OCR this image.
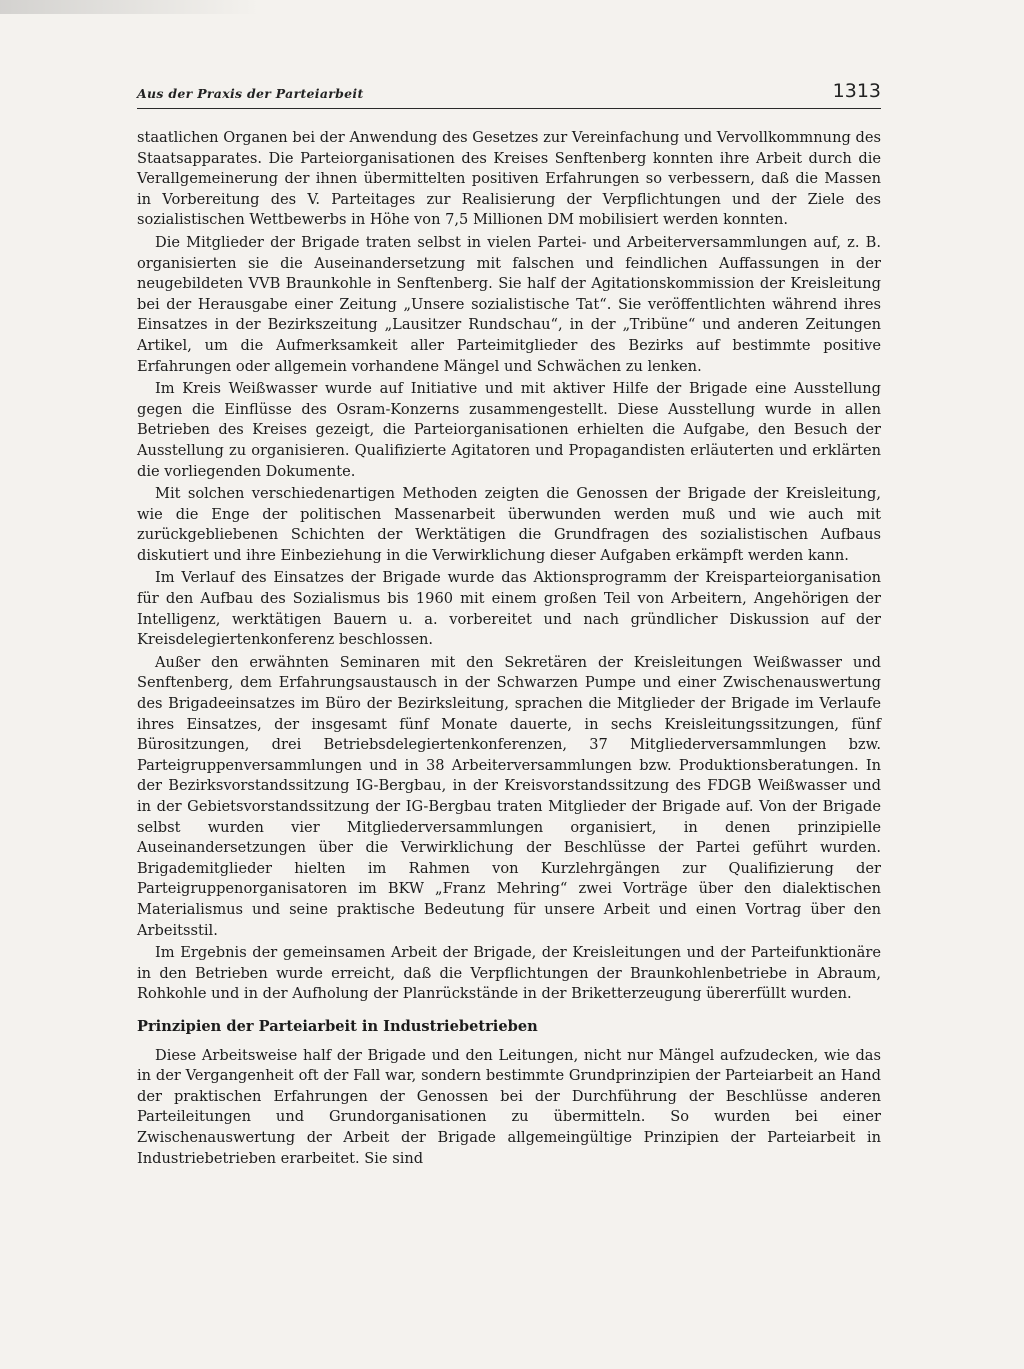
Aus der Praxis der Parteiarbeit	1313

staatlichen Organen bei der Anwendung des Gesetzes zur Vereinfachung und Vervollkommnung des Staatsapparates. Die Parteiorganisationen des Kreises Senftenberg konnten ihre Arbeit durch die Verallgemeinerung der ihnen übermittelten positiven Erfahrungen so verbessern, daß die Massen in Vorbereitung des V. Parteitages zur Realisierung der Verpflichtungen und der Ziele des sozialistischen Wettbewerbs in Höhe von 7,5 Millionen DM mobilisiert werden konnten.

Die Mitglieder der Brigade traten selbst in vielen Partei- und Arbeiterversammlungen auf, z. B. organisierten sie die Auseinandersetzung mit falschen und feindlichen Auffassungen in der neugebildeten VVB Braunkohle in Senftenberg. Sie half der Agitationskommission der Kreisleitung bei der Herausgabe einer Zeitung „Unsere sozialistische Tat“. Sie veröffentlichten während ihres Einsatzes in der Bezirkszeitung „Lausitzer Rundschau“, in der „Tribüne“ und anderen Zeitungen Artikel, um die Aufmerksamkeit aller Parteimitglieder des Bezirks auf bestimmte positive Erfahrungen oder allgemein vorhandene Mängel und Schwächen zu lenken.

Im Kreis Weißwasser wurde auf Initiative und mit aktiver Hilfe der Brigade eine Ausstellung gegen die Einflüsse des Osram-Konzerns zusammengestellt. Diese Ausstellung wurde in allen Betrieben des Kreises gezeigt, die Parteiorganisationen erhielten die Aufgabe, den Besuch der Ausstellung zu organisieren. Qualifizierte Agitatoren und Propagandisten erläuterten und erklärten die vorliegenden Dokumente.

Mit solchen verschiedenartigen Methoden zeigten die Genossen der Brigade der Kreisleitung, wie die Enge der politischen Massenarbeit überwunden werden muß und wie auch mit zurückgebliebenen Schichten der Werktätigen die Grundfragen des sozialistischen Aufbaus diskutiert und ihre Einbeziehung in die Verwirklichung dieser Aufgaben erkämpft werden kann.

Im Verlauf des Einsatzes der Brigade wurde das Aktionsprogramm der Kreisparteiorganisation für den Aufbau des Sozialismus bis 1960 mit einem großen Teil von Arbeitern, Angehörigen der Intelligenz, werktätigen Bauern u. a. vorbereitet und nach gründlicher Diskussion auf der Kreisdelegiertenkonferenz beschlossen.

Außer den erwähnten Seminaren mit den Sekretären der Kreisleitungen Weißwasser und Senftenberg, dem Erfahrungsaustausch in der Schwarzen Pumpe und einer Zwischenauswertung des Brigadeeinsatzes im Büro der Bezirksleitung, sprachen die Mitglieder der Brigade im Verlaufe ihres Einsatzes, der insgesamt fünf Monate dauerte, in sechs Kreisleitungssitzungen, fünf Bürositzungen, drei Betriebsdelegiertenkonferenzen, 37 Mitgliederversammlungen bzw. Parteigruppenversammlungen und in 38 Arbeiterversammlungen bzw. Produktionsberatungen. In der Bezirksvorstandssitzung IG-Bergbau, in der Kreisvorstandssitzung des FDGB Weißwasser und in der Gebietsvorstandssitzung der IG-Bergbau traten Mitglieder der Brigade auf. Von der Brigade selbst wurden vier Mitgliederversammlungen organisiert, in denen prinzipielle Auseinandersetzungen über die Verwirklichung der Beschlüsse der Partei geführt wurden. Brigademitglieder hielten im Rahmen von Kurzlehrgängen zur Qualifizierung der Parteigruppenorganisatoren im BKW „Franz Mehring“ zwei Vorträge über den dialektischen Materialismus und seine praktische Bedeutung für unsere Arbeit und einen Vortrag über den Arbeitsstil.

Im Ergebnis der gemeinsamen Arbeit der Brigade, der Kreisleitungen und der Parteifunktionäre in den Betrieben wurde erreicht, daß die Verpflichtungen der Braunkohlenbetriebe in Abraum, Rohkohle und in der Aufholung der Planrückstände in der Briketterzeugung übererfüllt wurden.

Prinzipien der Parteiarbeit in Industriebetrieben

Diese Arbeitsweise half der Brigade und den Leitungen, nicht nur Mängel aufzudecken, wie das in der Vergangenheit oft der Fall war, sondern bestimmte Grundprinzipien der Parteiarbeit an Hand der praktischen Erfahrungen der Genossen bei der Durchführung der Beschlüsse anderen Parteileitungen und Grundorganisationen zu übermitteln. So wurden bei einer Zwischenauswertung der Arbeit der Brigade allgemeingültige Prinzipien der Parteiarbeit in Industriebetrieben erarbeitet. Sie sind
